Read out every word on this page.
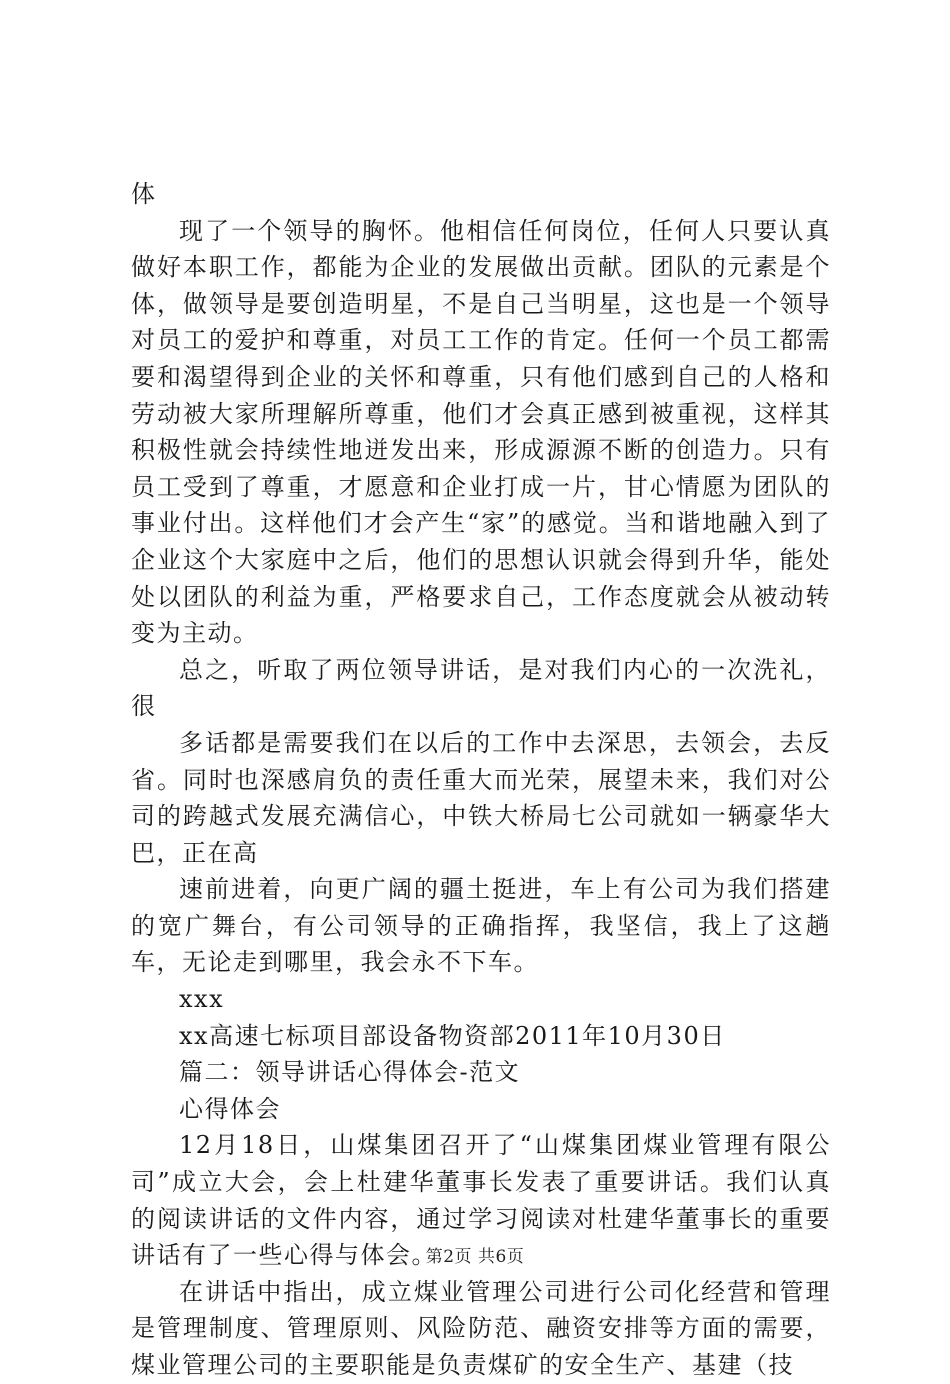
体

现了一个领导的胸怀。他相信任何岗位，任何人只要认真做好本职工作，都能为企业的发展做出贡献。团队的元素是个体，做领导是要创造明星，不是自己当明星，这也是一个领导对员工的爱护和尊重，对员工工作的肯定。任何一个员工都需要和渴望得到企业的关怀和尊重，只有他们感到自己的人格和劳动被大家所理解所尊重，他们才会真正感到被重视，这样其积极性就会持续性地迸发出来，形成源源不断的创造力。只有员工受到了尊重，才愿意和企业打成一片，甘心情愿为团队的事业付出。这样他们才会产生“家”的感觉。当和谐地融入到了企业这个大家庭中之后，他们的思想认识就会得到升华，能处处以团队的利益为重，严格要求自己，工作态度就会从被动转变为主动。

总之，听取了两位领导讲话，是对我们内心的一次洗礼，很

多话都是需要我们在以后的工作中去深思，去领会，去反省。同时也深感肩负的责任重大而光荣，展望未来，我们对公司的跨越式发展充满信心，中铁大桥局七公司就如一辆豪华大巴，正在高

速前进着，向更广阔的疆土挺进，车上有公司为我们搭建的宽广舞台，有公司领导的正确指挥，我坚信，我上了这趟车，无论走到哪里，我会永不下车。

xxx

xx高速七标项目部设备物资部2011年10月30日

篇二：领导讲话心得体会-范文

心得体会

12月18日，山煤集团召开了“山煤集团煤业管理有限公司”成立大会，会上杜建华董事长发表了重要讲话。我们认真的阅读讲话的文件内容，通过学习阅读对杜建华董事长的重要讲话有了一些心得与体会。

在讲话中指出，成立煤业管理公司进行公司化经营和管理是管理制度、管理原则、风险防范、融资安排等方面的需要，煤业管理公司的主要职能是负责煤矿的安全生产、基建（技

第2页 共6页
